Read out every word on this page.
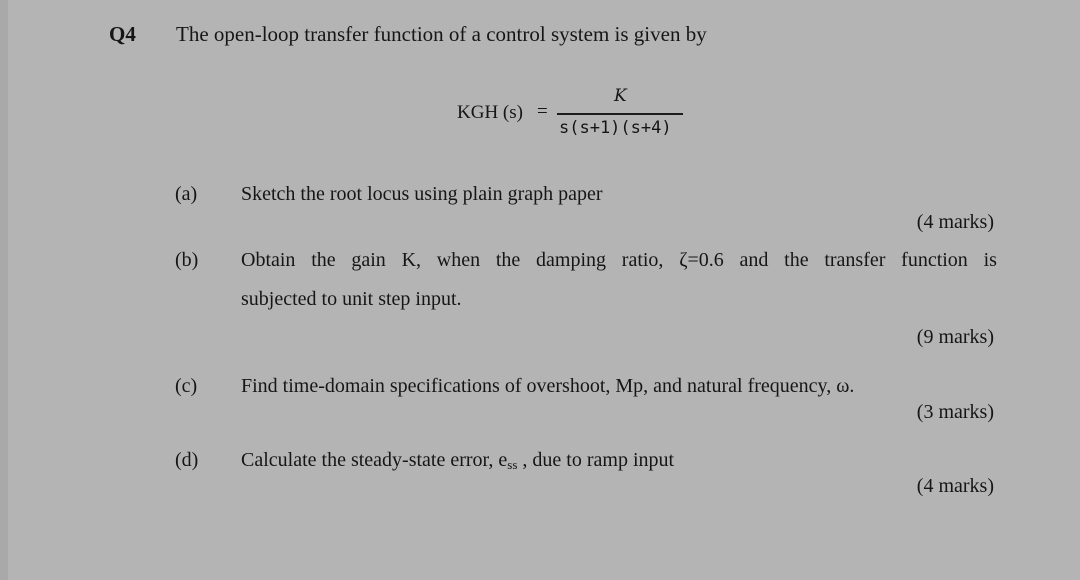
Q4 The open-loop transfer function of a control system is given by
KGH (s) =
K
s(s+1)(s+4)
(a) Sketch the root locus using plain graph paper
(4 marks)
(b) Obtain the gain K, when the damping ratio, ζ=0.6 and the transfer function is
subjected to unit step input.
(9 marks)
(c) Find time-domain specifications of overshoot, Mp, and natural frequency, ω.
(3 marks)
(d) Calculate the steady-state error, ess , due to ramp input
(4 marks)
